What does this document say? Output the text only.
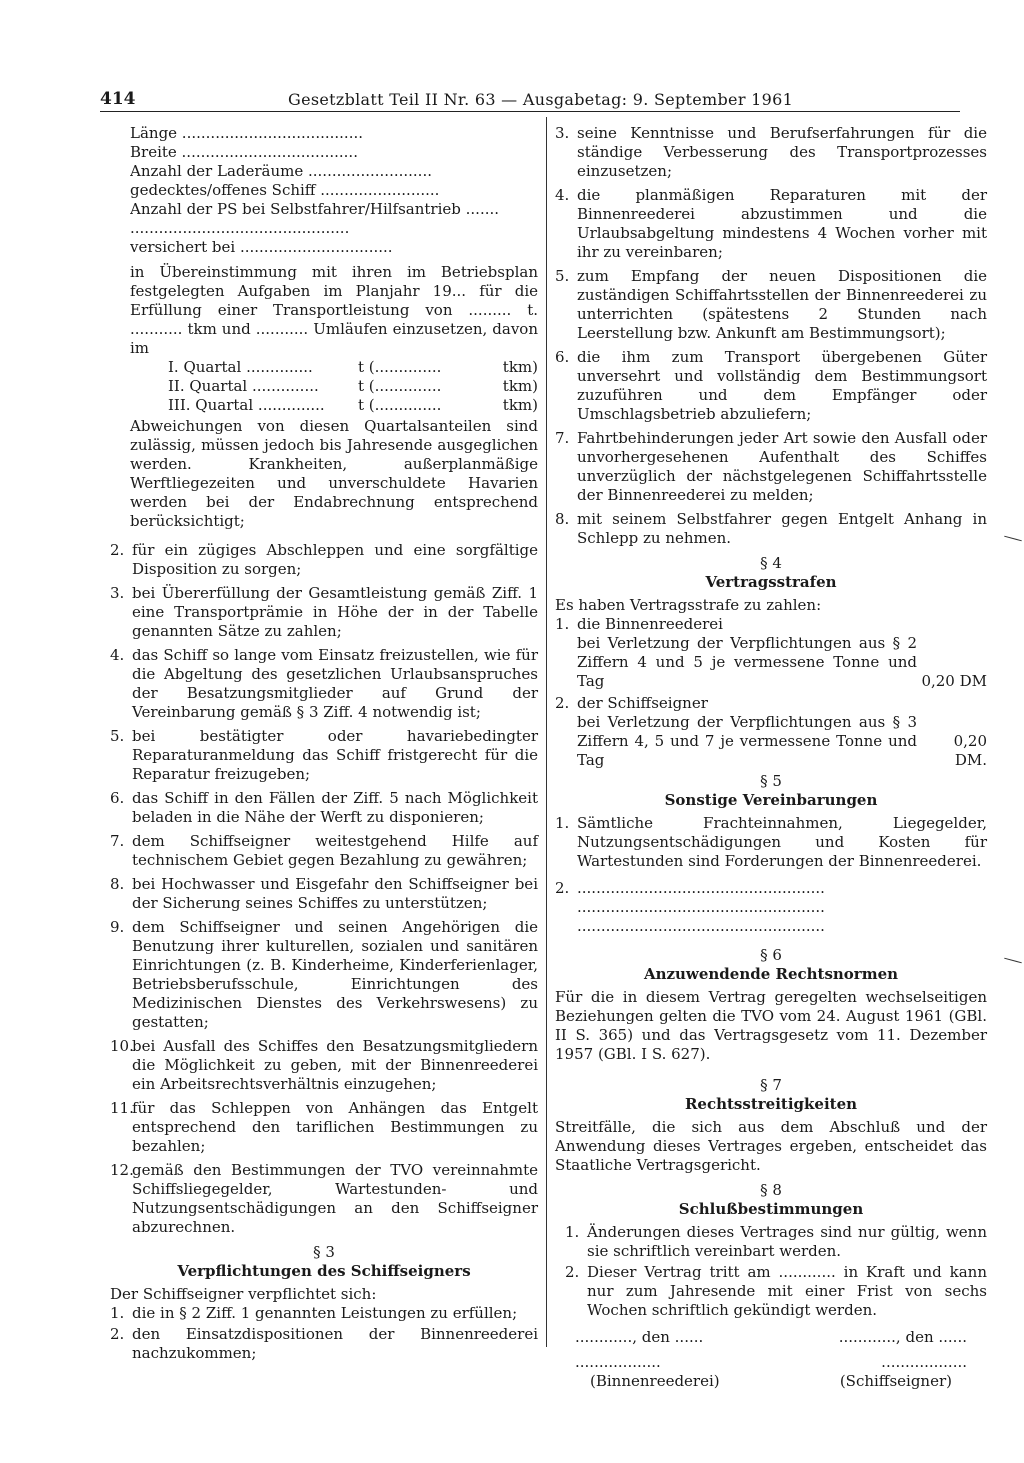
414	Gesetzblatt Teil II Nr. 63 — Ausgabetag: 9. September 1961
Länge ......................................
Breite .....................................
Anzahl der Laderäume ..........................
gedecktes/offenes Schiff .........................
Anzahl der PS bei Selbstfahrer/Hilfsantrieb .......
..............................................
versichert bei ................................
in Übereinstimmung mit ihren im Betriebsplan festgelegten Aufgaben im Planjahr 19... für die Erfüllung einer Transportleistung von ......... t. ........... tkm und ........... Umläufen einzusetzen, davon im
I. Quartal ..............	t (..............	tkm)
II. Quartal ..............	t (..............	tkm)
III. Quartal ..............	t (..............	tkm)
Abweichungen von diesen Quartalsanteilen sind zulässig, müssen jedoch bis Jahresende ausgeglichen werden. Krankheiten, außerplanmäßige Werftliegezeiten und unverschuldete Havarien werden bei der Endabrechnung entsprechend berücksichtigt;
2. für ein zügiges Abschleppen und eine sorgfältige Disposition zu sorgen;
3. bei Übererfüllung der Gesamtleistung gemäß Ziff. 1 eine Transportprämie in Höhe der in der Tabelle genannten Sätze zu zahlen;
4. das Schiff so lange vom Einsatz freizustellen, wie für die Abgeltung des gesetzlichen Urlaubsanspruches der Besatzungsmitglieder auf Grund der Vereinbarung gemäß § 3 Ziff. 4 notwendig ist;
5. bei bestätigter oder havariebedingter Reparaturanmeldung das Schiff fristgerecht für die Reparatur freizugeben;
6. das Schiff in den Fällen der Ziff. 5 nach Möglichkeit beladen in die Nähe der Werft zu disponieren;
7. dem Schiffseigner weitestgehend Hilfe auf technischem Gebiet gegen Bezahlung zu gewähren;
8. bei Hochwasser und Eisgefahr den Schiffseigner bei der Sicherung seines Schiffes zu unterstützen;
9. dem Schiffseigner und seinen Angehörigen die Benutzung ihrer kulturellen, sozialen und sanitären Einrichtungen (z. B. Kinderheime, Kinderferienlager, Betriebsberufsschule, Einrichtungen des Medizinischen Dienstes des Verkehrswesens) zu gestatten;
10.
bei Ausfall des Schiffes den Besatzungsmitgliedern die Möglichkeit zu geben, mit der Binnenreederei ein Arbeitsrechtsverhältnis einzugehen;
11.
für das Schleppen von Anhängen das Entgelt entsprechend den tariflichen Bestimmungen zu bezahlen;
12.
gemäß den Bestimmungen der TVO vereinnahmte Schiffsliegegelder, Wartestunden- und Nutzungsentschädigungen an den Schiffseigner abzurechnen.
§ 3
Verpflichtungen des Schiffseigners
Der Schiffseigner verpflichtet sich:
1. die in § 2 Ziff. 1 genannten Leistungen zu erfüllen;
2. den Einsatzdispositionen der Binnenreederei nachzukommen;
3. seine Kenntnisse und Berufserfahrungen für die ständige Verbesserung des Transportprozesses einzusetzen;
4. die planmäßigen Reparaturen mit der Binnenreederei abzustimmen und die Urlaubsabgeltung mindestens 4 Wochen vorher mit ihr zu vereinbaren;
5. zum Empfang der neuen Dispositionen die zuständigen Schiffahrtsstellen der Binnenreederei zu unterrichten (spätestens 2 Stunden nach Leerstellung bzw. Ankunft am Bestimmungsort);
6. die ihm zum Transport übergebenen Güter unversehrt und vollständig dem Bestimmungsort zuzuführen und dem Empfänger oder Umschlagsbetrieb abzuliefern;
7. Fahrtbehinderungen jeder Art sowie den Ausfall oder unvorhergesehenen Aufenthalt des Schiffes unverzüglich der nächstgelegenen Schiffahrtsstelle der Binnenreederei zu melden;
8. mit seinem Selbstfahrer gegen Entgelt Anhang in Schlepp zu nehmen.
§ 4
Vertragsstrafen
Es haben Vertragsstrafe zu zahlen:
1. die Binnenreederei
bei Verletzung der Verpflichtungen aus § 2 Ziffern 4 und 5 je vermessene Tonne und Tag	0,20 DM
2. der Schiffseigner
bei Verletzung der Verpflichtungen aus § 3 Ziffern 4, 5 und 7 je vermessene Tonne und Tag
0,20 DM.
§ 5
Sonstige Vereinbarungen
1. Sämtliche Frachteinnahmen, Liegegelder, Nutzungsentschädigungen und Kosten für Wartestunden sind Forderungen der Binnenreederei.
2. ....................................................
....................................................
....................................................
§ 6
Anzuwendende Rechtsnormen
Für die in diesem Vertrag geregelten wechselseitigen Beziehungen gelten die TVO vom 24. August 1961 (GBl. II S. 365) und das Vertragsgesetz vom 11. Dezember 1957 (GBl. I S. 627).
§ 7
Rechtsstreitigkeiten
Streitfälle, die sich aus dem Abschluß und der Anwendung dieses Vertrages ergeben, entscheidet das Staatliche Vertragsgericht.
§ 8
Schlußbestimmungen
1. Änderungen dieses Vertrages sind nur gültig, wenn sie schriftlich vereinbart werden.
2. Dieser Vertrag tritt am ............ in Kraft und kann nur zum Jahresende mit einer Frist von sechs Wochen schriftlich gekündigt werden.
............, den ......	............, den ......
..................	..................
(Binnenreederei)	(Schiffseigner)
